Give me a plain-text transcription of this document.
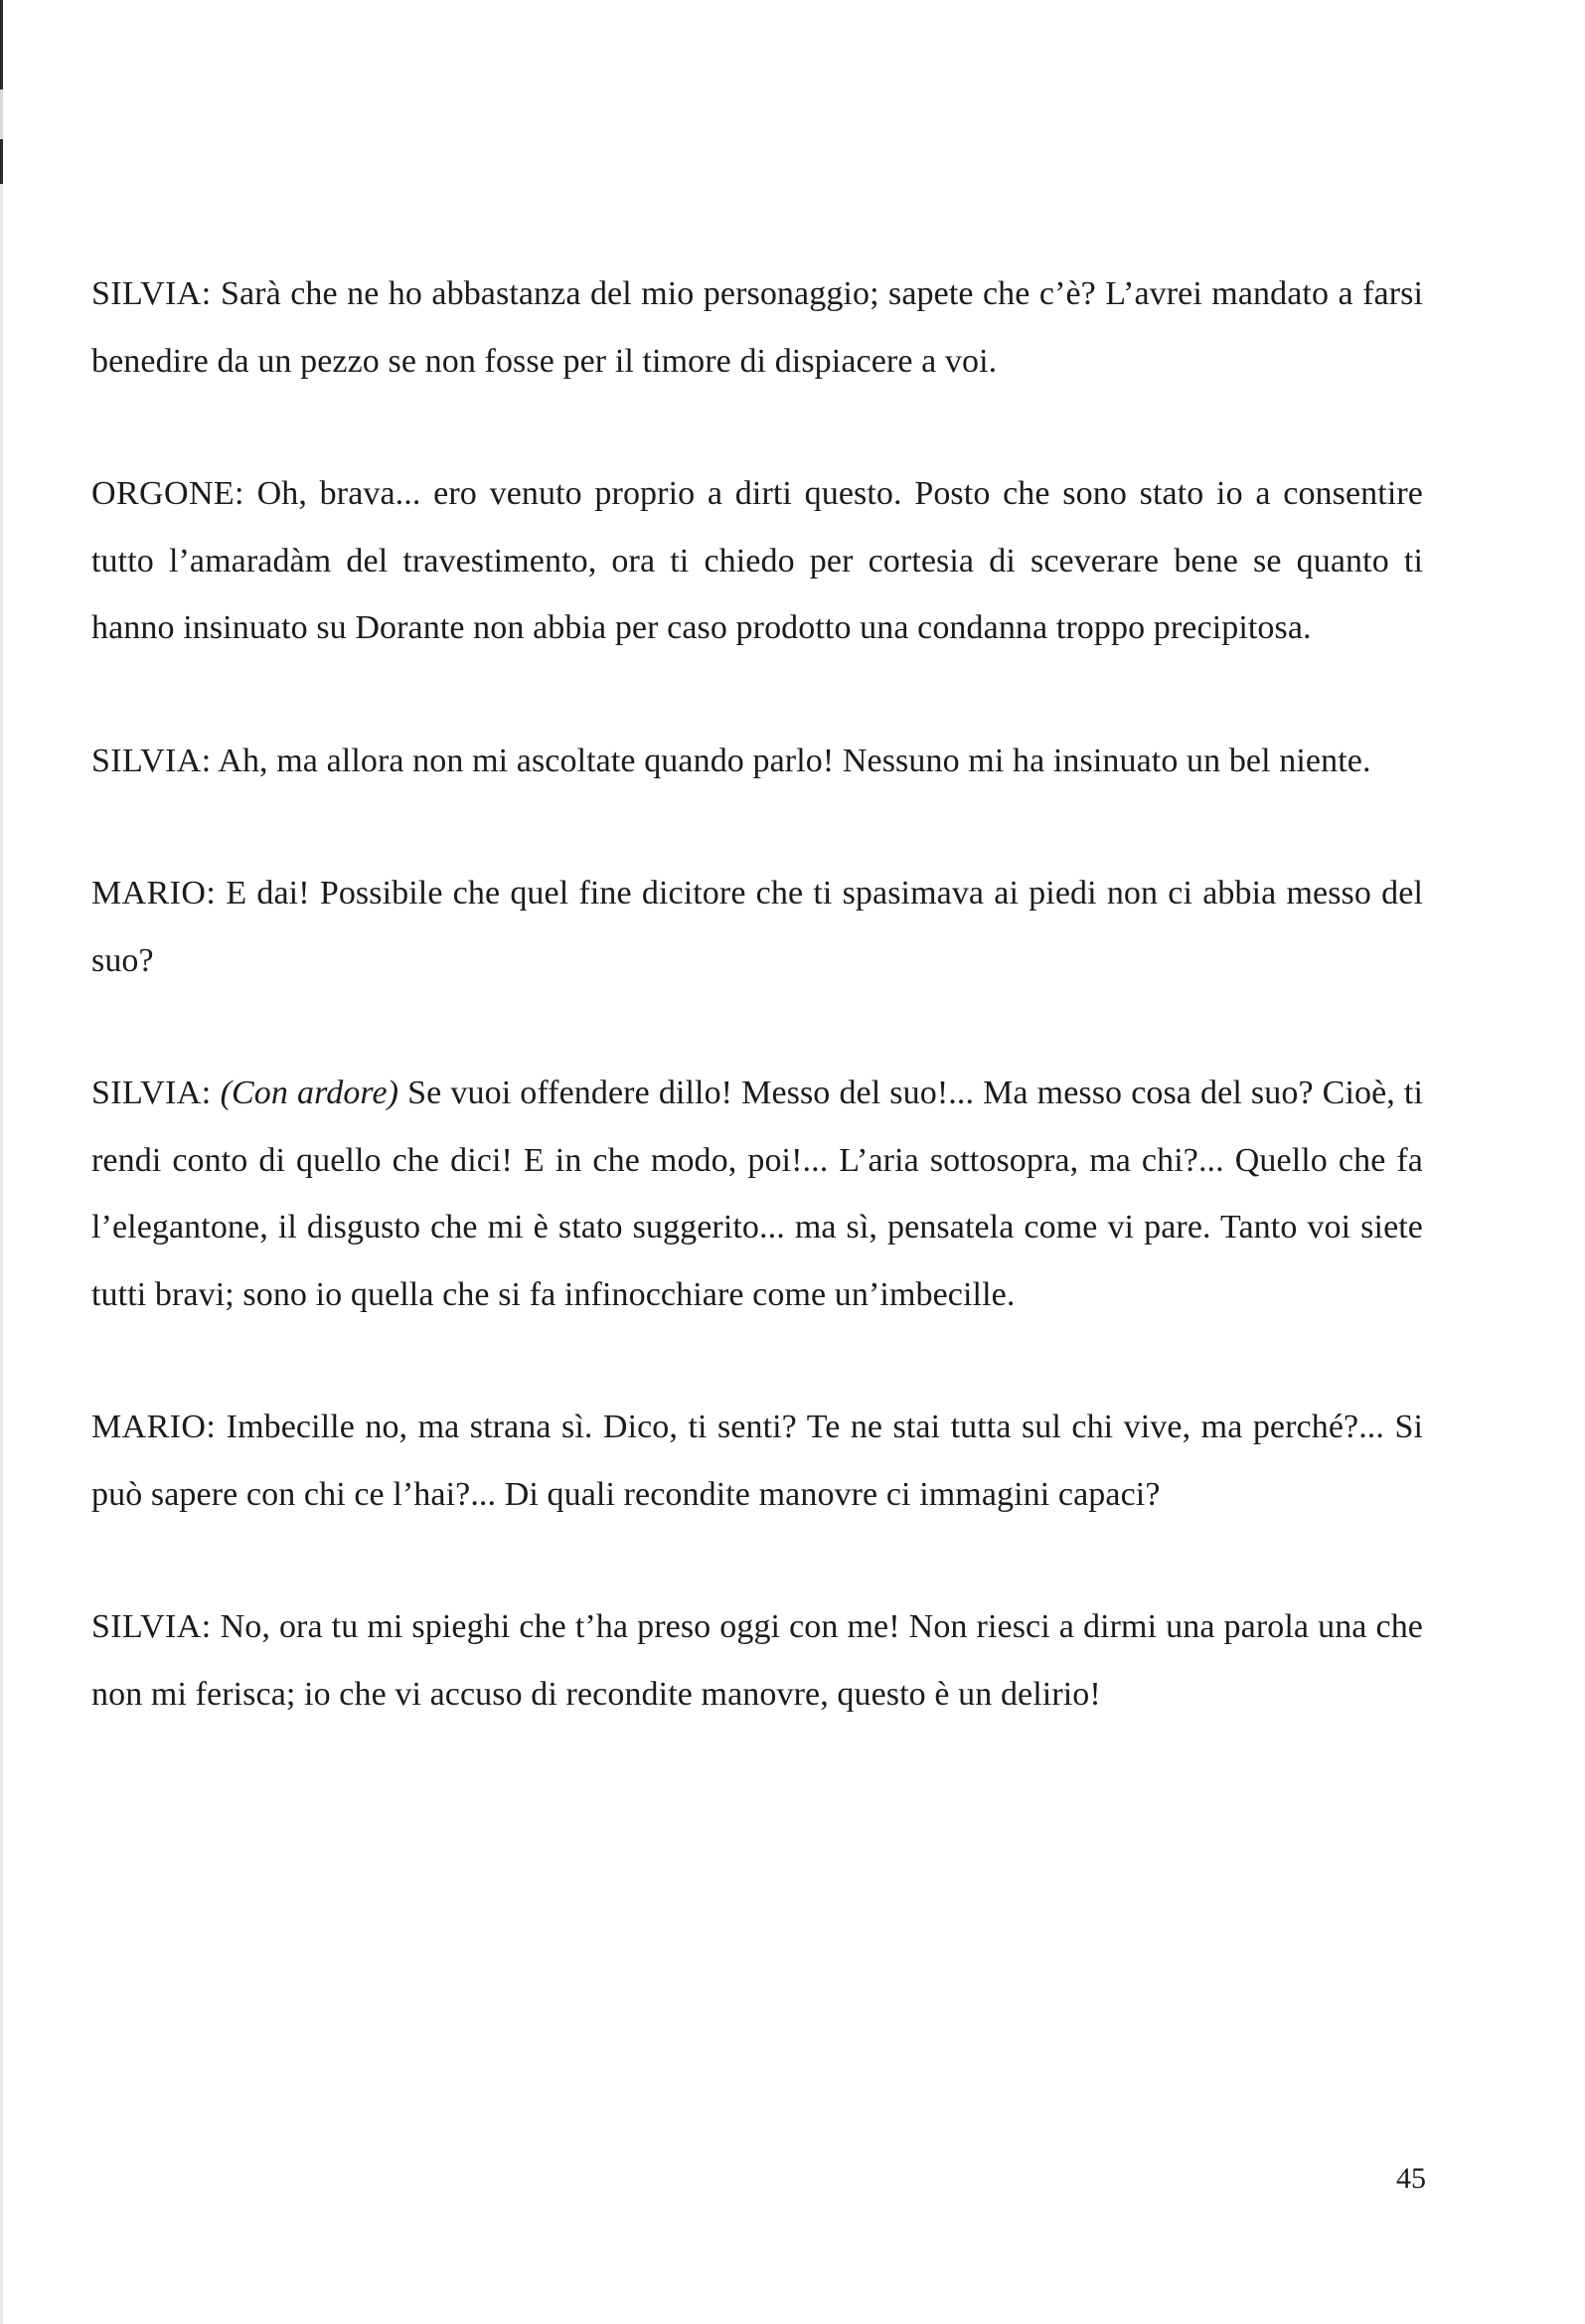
SILVIA: Sarà che ne ho abbastanza del mio personaggio; sapete che c’è? L’avrei mandato a farsi benedire da un pezzo se non fosse per il timore di dispiacere a voi.

ORGONE: Oh, brava... ero venuto proprio a dirti questo. Posto che sono stato io a consentire tutto l’amaradàm del travestimento, ora ti chiedo per cortesia di sceverare bene se quanto ti hanno insinuato su Dorante non abbia per caso prodotto una condanna troppo precipitosa.

SILVIA: Ah, ma allora non mi ascoltate quando parlo! Nessuno mi ha insinuato un bel niente.

MARIO: E dai! Possibile che quel fine dicitore che ti spasimava ai piedi non ci abbia messo del suo?

SILVIA: (Con ardore) Se vuoi offendere dillo! Messo del suo!... Ma messo cosa del suo? Cioè, ti rendi conto di quello che dici! E in che modo, poi!... L’aria sottosopra, ma chi?... Quello che fa l’elegantone, il disgusto che mi è stato suggerito... ma sì, pensatela come vi pare. Tanto voi siete tutti bravi; sono io quella che si fa infinocchiare come un’imbecille.

MARIO: Imbecille no, ma strana sì. Dico, ti senti? Te ne stai tutta sul chi vive, ma perché?... Si può sapere con chi ce l’hai?... Di quali recondite manovre ci immagini capaci?

SILVIA: No, ora tu mi spieghi che t’ha preso oggi con me! Non riesci a dirmi una parola una che non mi ferisca; io che vi accuso di recondite manovre, questo è un delirio!

45
